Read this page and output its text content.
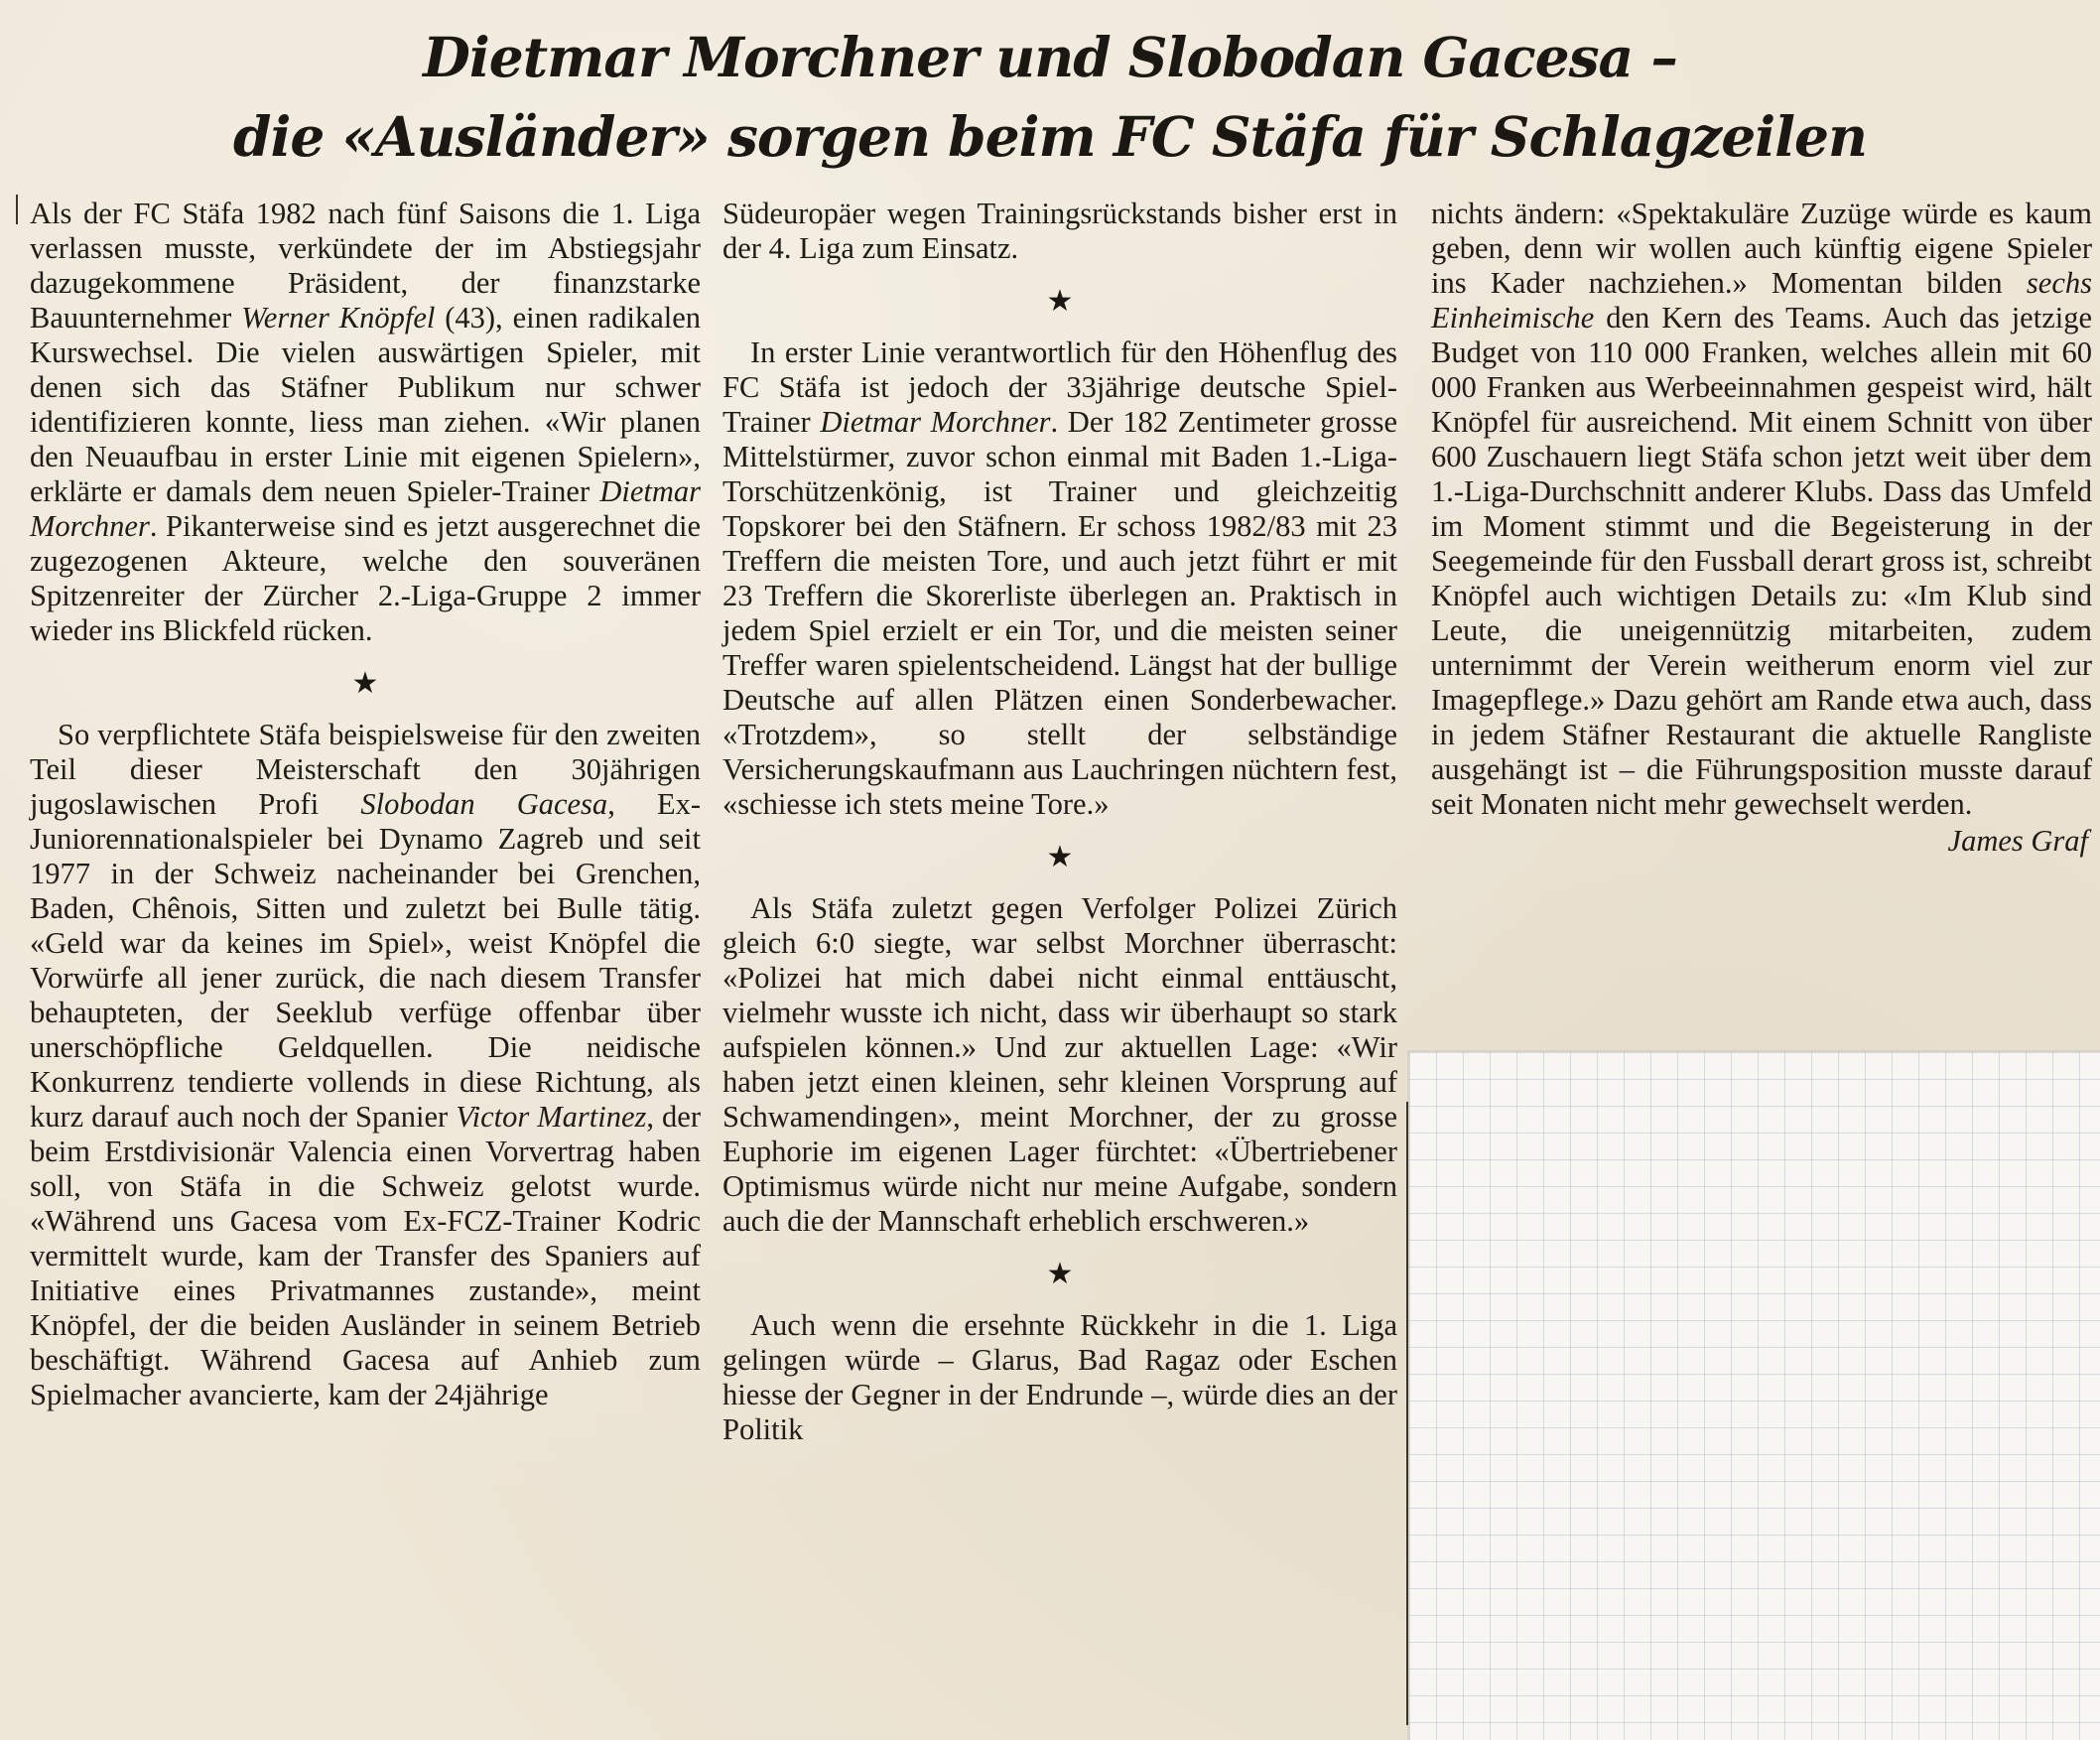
Dietmar Morchner und Slobodan Gacesa –
die «Ausländer» sorgen beim FC Stäfa für Schlagzeilen

Als der FC Stäfa 1982 nach fünf Saisons die 1. Liga verlassen musste, verkündete der im Abstiegsjahr dazugekommene Präsident, der finanzstarke Bauunternehmer Werner Knöpfel (43), einen radikalen Kurswechsel. Die vielen auswärtigen Spieler, mit denen sich das Stäfner Publikum nur schwer identifizieren konnte, liess man ziehen. «Wir planen den Neuaufbau in erster Linie mit eigenen Spielern», erklärte er damals dem neuen Spieler-Trainer Dietmar Morchner. Pikanterweise sind es jetzt ausgerechnet die zugezogenen Akteure, welche den souveränen Spitzenreiter der Zürcher 2.-Liga-Gruppe 2 immer wieder ins Blickfeld rücken.

★

So verpflichtete Stäfa beispielsweise für den zweiten Teil dieser Meisterschaft den 30jährigen jugoslawischen Profi Slobodan Gacesa, Ex-Juniorennationalspieler bei Dynamo Zagreb und seit 1977 in der Schweiz nacheinander bei Grenchen, Baden, Chênois, Sitten und zuletzt bei Bulle tätig. «Geld war da keines im Spiel», weist Knöpfel die Vorwürfe all jener zurück, die nach diesem Transfer behaupteten, der Seeklub verfüge offenbar über unerschöpfliche Geldquellen. Die neidische Konkurrenz tendierte vollends in diese Richtung, als kurz darauf auch noch der Spanier Victor Martinez, der beim Erstdivisionär Valencia einen Vorvertrag haben soll, von Stäfa in die Schweiz gelotst wurde. «Während uns Gacesa vom Ex-FCZ-Trainer Kodric vermittelt wurde, kam der Transfer des Spaniers auf Initiative eines Privatmannes zustande», meint Knöpfel, der die beiden Ausländer in seinem Betrieb beschäftigt. Während Gacesa auf Anhieb zum Spielmacher avancierte, kam der 24jährige

Südeuropäer wegen Trainingsrückstands bisher erst in der 4. Liga zum Einsatz.

★

In erster Linie verantwortlich für den Höhenflug des FC Stäfa ist jedoch der 33jährige deutsche Spiel-Trainer Dietmar Morchner. Der 182 Zentimeter grosse Mittelstürmer, zuvor schon einmal mit Baden 1.-Liga-Torschützenkönig, ist Trainer und gleichzeitig Topskorer bei den Stäfnern. Er schoss 1982/83 mit 23 Treffern die meisten Tore, und auch jetzt führt er mit 23 Treffern die Skorerliste überlegen an. Praktisch in jedem Spiel erzielt er ein Tor, und die meisten seiner Treffer waren spielentscheidend. Längst hat der bullige Deutsche auf allen Plätzen einen Sonderbewacher. «Trotzdem», so stellt der selbständige Versicherungskaufmann aus Lauchringen nüchtern fest, «schiesse ich stets meine Tore.»

★

Als Stäfa zuletzt gegen Verfolger Polizei Zürich gleich 6:0 siegte, war selbst Morchner überrascht: «Polizei hat mich dabei nicht einmal enttäuscht, vielmehr wusste ich nicht, dass wir überhaupt so stark aufspielen können.» Und zur aktuellen Lage: «Wir haben jetzt einen kleinen, sehr kleinen Vorsprung auf Schwamendingen», meint Morchner, der zu grosse Euphorie im eigenen Lager fürchtet: «Übertriebener Optimismus würde nicht nur meine Aufgabe, sondern auch die der Mannschaft erheblich erschweren.»

★

Auch wenn die ersehnte Rückkehr in die 1. Liga gelingen würde – Glarus, Bad Ragaz oder Eschen hiesse der Gegner in der Endrunde –, würde dies an der Politik

nichts ändern: «Spektakuläre Zuzüge würde es kaum geben, denn wir wollen auch künftig eigene Spieler ins Kader nachziehen.» Momentan bilden sechs Einheimische den Kern des Teams. Auch das jetzige Budget von 110 000 Franken, welches allein mit 60 000 Franken aus Werbeeinnahmen gespeist wird, hält Knöpfel für ausreichend. Mit einem Schnitt von über 600 Zuschauern liegt Stäfa schon jetzt weit über dem 1.-Liga-Durchschnitt anderer Klubs. Dass das Umfeld im Moment stimmt und die Begeisterung in der Seegemeinde für den Fussball derart gross ist, schreibt Knöpfel auch wichtigen Details zu: «Im Klub sind Leute, die uneigennützig mitarbeiten, zudem unternimmt der Verein weitherum enorm viel zur Imagepflege.» Dazu gehört am Rande etwa auch, dass in jedem Stäfner Restaurant die aktuelle Rangliste ausgehängt ist – die Führungsposition musste darauf seit Monaten nicht mehr gewechselt werden.

James Graf
